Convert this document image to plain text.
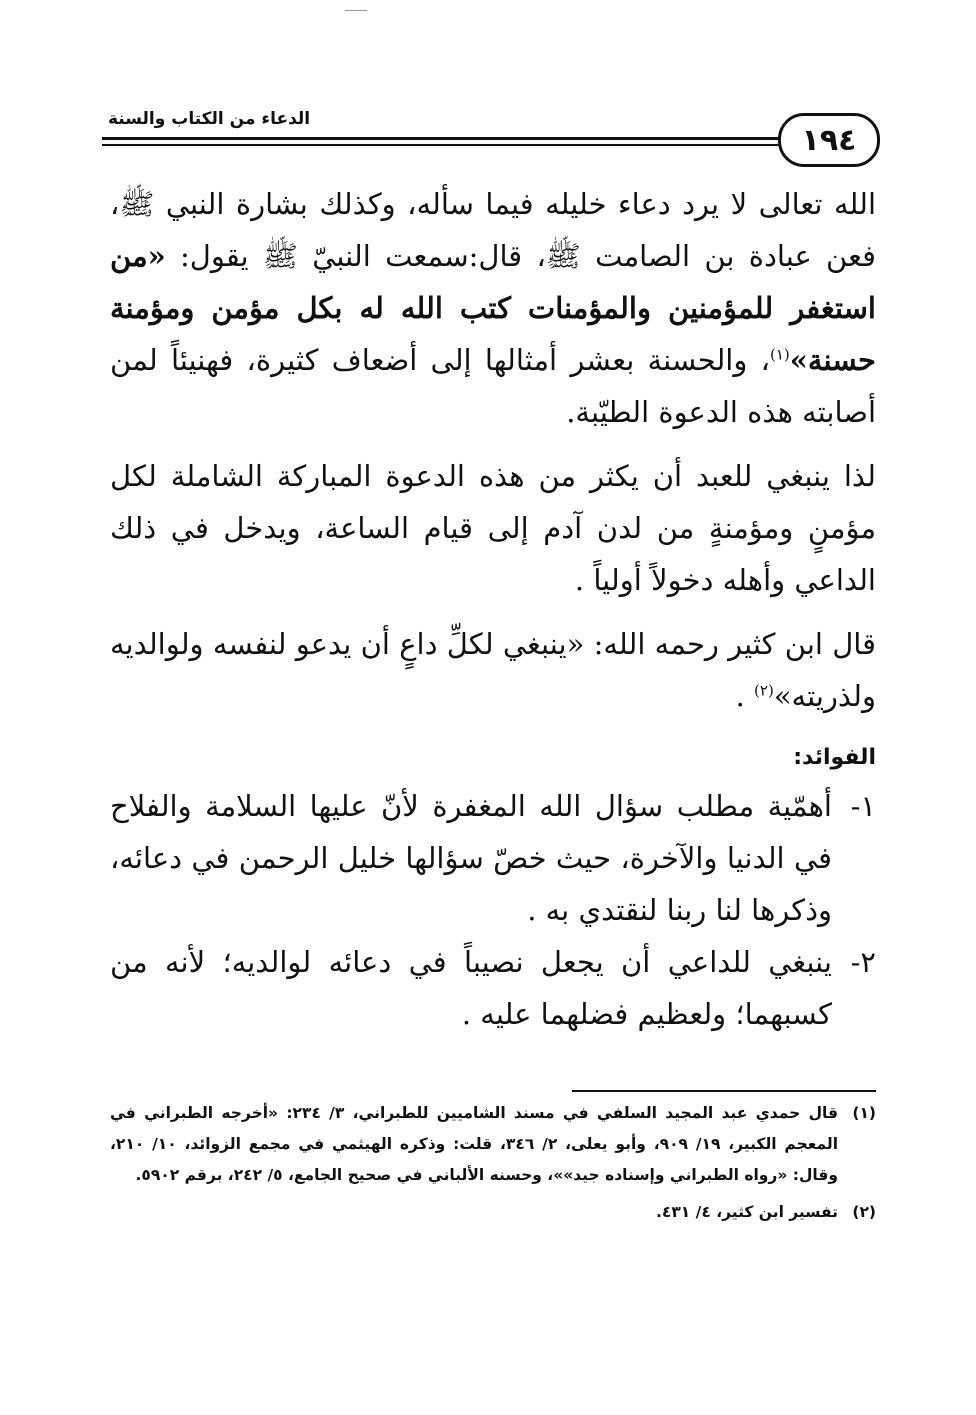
١٩٤
الدعاء من الكتاب والسنة

الله تعالى لا يرد دعاء خليله فيما سأله، وكذلك بشارة النبي ﷺ، فعن عبادة بن الصامت ﷺ، قال:سمعت النبيّ ﷺ يقول: «من استغفر للمؤمنين والمؤمنات كتب الله له بكل مؤمن ومؤمنة حسنة»$^{(١)}$، والحسنة بعشر أمثالها إلى أضعاف كثيرة، فهنيئاً لمن أصابته هذه الدعوة الطيّبة.

لذا ينبغي للعبد أن يكثر من هذه الدعوة المباركة الشاملة لكل مؤمنٍ ومؤمنةٍ من لدن آدم إلى قيام الساعة، ويدخل في ذلك الداعي وأهله دخولاً أولياً .

قال ابن كثير رحمه الله: «ينبغي لكلِّ داعٍ أن يدعو لنفسه ولوالديه ولذريته»$^{(٢)}$ .

الفوائد:

١-
أهمّية مطلب سؤال الله المغفرة لأنّ عليها السلامة والفلاح في الدنيا والآخرة، حيث خصّ سؤالها خليل الرحمن في دعائه، وذكرها لنا ربنا لنقتدي به .

٢-
ينبغي للداعي أن يجعل نصيباً في دعائه لوالديه؛ لأنه من كسبهما؛ ولعظيم فضلهما عليه .

(١)
قال حمدي عبد المجيد السلفي في مسند الشاميين للطبراني، ٣/ ٢٣٤: «أخرجه الطبراني في المعجم الكبير، ١٩/ ٩٠٩، وأبو يعلى، ٢/ ٣٤٦، قلت: وذكره الهيثمي في مجمع الزوائد، ١٠/ ٢١٠، وقال: «رواه الطبراني وإسناده جيد»»، وحسنه الألباني في صحيح الجامع، ٥/ ٢٤٢، برقم ٥٩٠٢.

(٢)
تفسير ابن كثير، ٤/ ٤٣١.
